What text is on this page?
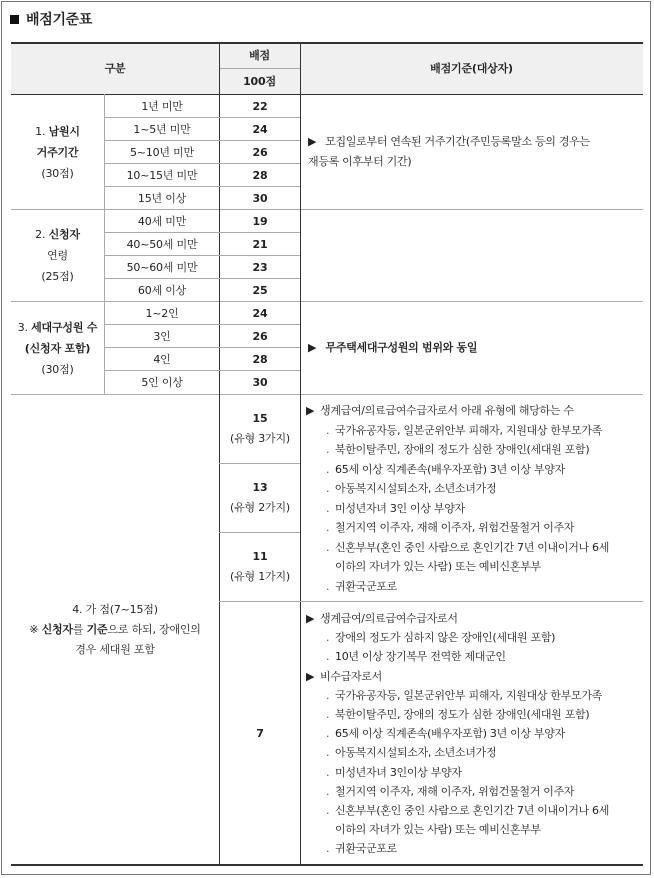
배점기준표
구분
배점
100점
배점기준(대상자)
1. 남원시
거주기간
(30점)
1년 미만
1~5년 미만
5~10년 미만
10~15년 미만
15년 이상
22
24
26
28
30
▶ 모집일로부터 연속된 거주기간(주민등록말소 등의 경우는
재등록 이후부터 기간)
2. 신청자
연령
(25점)
40세 미만
40~50세 미만
50~60세 미만
60세 이상
19
21
23
25
3. 세대구성원 수
(신청자 포함)
(30점)
1~2인
3인
4인
5인 이상
24
26
28
30
▶ 무주택세대구성원의 범위와 동일
4. 가 점(7~15점)
※ 신청자를 기준으로 하되, 장애인의
경우 세대원 포함
15
(유형 3가지)
13
(유형 2가지)
11
(유형 1가지)
7
▶ 생계급여/의료급여수급자로서 아래 유형에 해당하는 수
. 국가유공자등, 일본군위안부 피해자, 지원대상 한부모가족
. 북한이탈주민, 장애의 정도가 심한 장애인(세대원 포함)
. 65세 이상 직계존속(배우자포함) 3년 이상 부양자
. 아동복지시설퇴소자, 소년소녀가정
. 미성년자녀 3인 이상 부양자
. 철거지역 이주자, 재해 이주자, 위험건물철거 이주자
. 신혼부부(혼인 중인 사람으로 혼인기간 7년 이내이거나 6세
이하의 자녀가 있는 사람) 또는 예비신혼부부
. 귀환국군포로
▶ 생계급여/의료급여수급자로서
. 장애의 정도가 심하지 않은 장애인(세대원 포함)
. 10년 이상 장기복무 전역한 제대군인
▶ 비수급자로서
. 국가유공자등, 일본군위안부 피해자, 지원대상 한부모가족
. 북한이탈주민, 장애의 정도가 심한 장애인(세대원 포함)
. 65세 이상 직계존속(배우자포함) 3년 이상 부양자
. 아동복지시설퇴소자, 소년소녀가정
. 미성년자녀 3인이상 부양자
. 철거지역 이주자, 재해 이주자, 위험건물철거 이주자
. 신혼부부(혼인 중인 사람으로 혼인기간 7년 이내이거나 6세
이하의 자녀가 있는 사람) 또는 예비신혼부부
. 귀환국군포로
